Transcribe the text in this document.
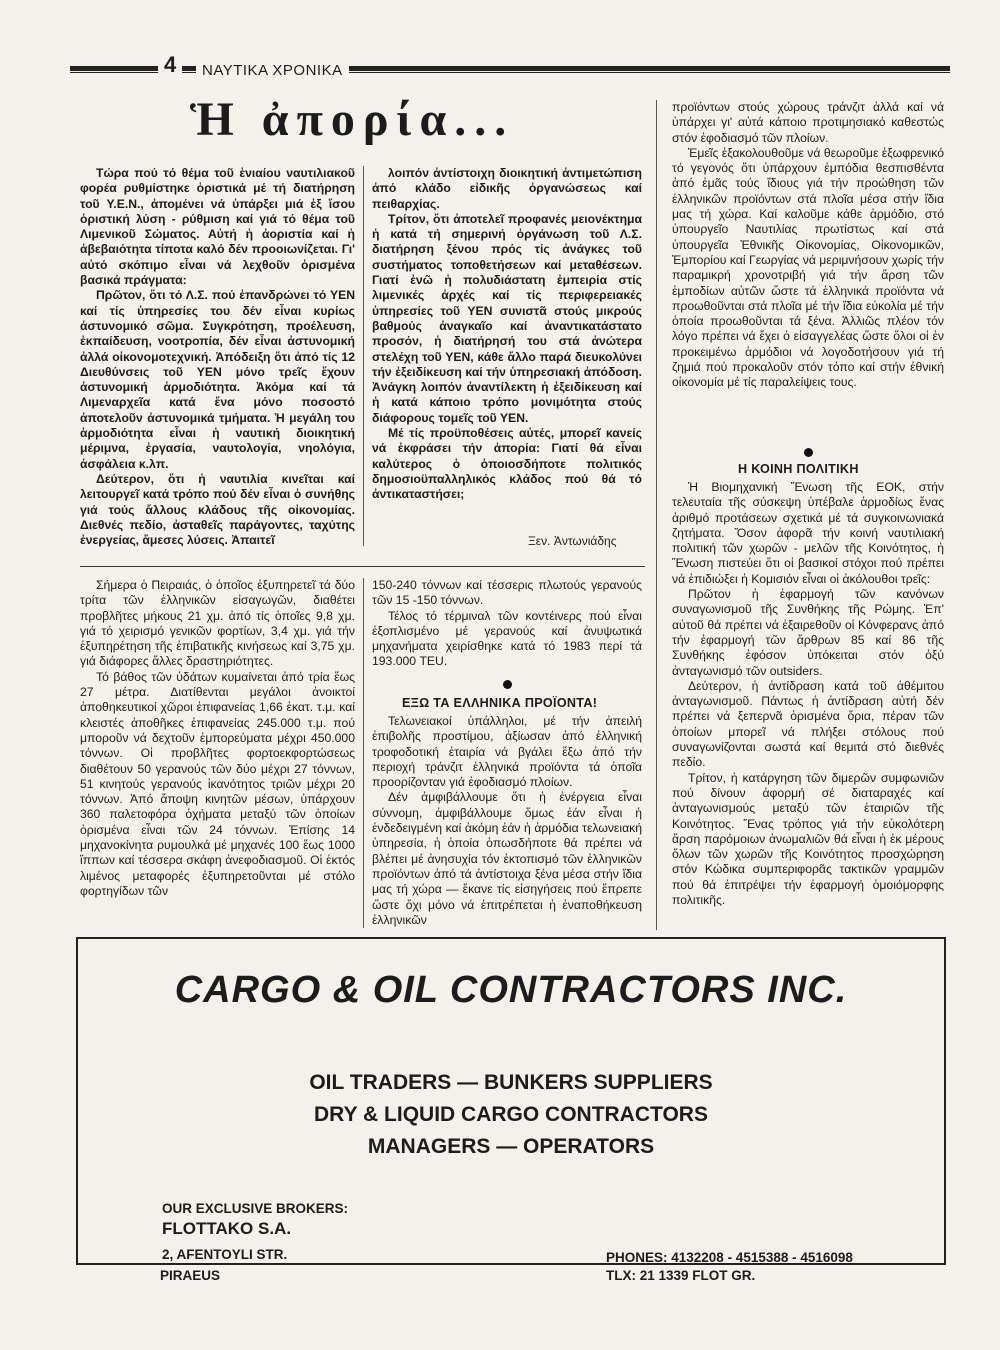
4	ΝΑΥΤΙΚΑ ΧΡΟΝΙΚΑ
Ἡ ἀπορία...

Τώρα πού τό θέμα τοῦ ἑνιαίου ναυτιλιακοῦ φορέα ρυθμίστηκε ὁριστικά μέ τή διατήρηση τοῦ Υ.Ε.Ν., ἀπομένει νά ὑπάρξει μιά ἐξ ἴσου ὁριστική λύση - ρύθμιση καί γιά τό θέμα τοῦ Λιμενικοῦ Σώματος. Αὐτή ἡ ἀοριστία καί ἡ ἀβεβαιότητα τίποτα καλό δέν προοιωνίζεται. Γι' αὐτό σκόπιμο εἶναι νά λεχθοῦν ὁρισμένα βασικά πράγματα:

Πρῶτον, ὅτι τό Λ.Σ. πού ἐπανδρώνει τό ΥΕΝ καί τίς ὑπηρεσίες του δέν εἶναι κυρίως ἀστυνομικό σῶμα. Συγκρότηση, προέλευση, ἐκπαίδευση, νοοτροπία, δέν εἶναι ἀστυνομική ἀλλά οἰκονομοτεχνική. Ἀπόδειξη ὅτι ἀπό τίς 12 Διευθύνσεις τοῦ ΥΕΝ μόνο τρεῖς ἔχουν ἀστυνομική ἁρμοδιότητα. Ἀκόμα καί τά Λιμεναρχεῖα κατά ἕνα μόνο ποσοστό ἀποτελοῦν ἀστυνομικά τμήματα. Ἡ μεγάλη του ἁρμοδιότητα εἶναι ἡ ναυτική διοικητική μέριμνα, ἐργασία, ναυτολογία, νηολόγια, ἀσφάλεια κ.λπ.

Δεύτερον, ὅτι ἡ ναυτιλία κινεῖται καί λειτουργεῖ κατά τρόπο πού δέν εἶναι ὁ συνήθης γιά τούς ἄλλους κλάδους τῆς οἰκονομίας. Διεθνές πεδίο, ἀσταθεῖς παράγοντες, ταχύτης ἐνεργείας, ἄμεσες λύσεις. Ἀπαιτεῖ

λοιπόν ἀντίστοιχη διοικητική ἀντιμετώπιση ἀπό κλάδο εἰδικῆς ὀργανώσεως καί πειθαρχίας.

Τρίτον, ὅτι ἀποτελεῖ προφανές μειονέκτημα ἡ κατά τή σημερινή ὀργάνωση τοῦ Λ.Σ. διατήρηση ξένου πρός τίς ἀνάγκες τοῦ συστήματος τοποθετήσεων καί μεταθέσεων. Γιατί ἐνῶ ἡ πολυδιάστατη ἐμπειρία στίς λιμενικές ἀρχές καί τίς περιφερειακές ὑπηρεσίες τοῦ ΥΕΝ συνιστᾶ στούς μικρούς βαθμούς ἀναγκαῖο καί ἀναντικατάστατο προσόν, ἡ διατήρησή του στά ἀνώτερα στελέχη τοῦ ΥΕΝ, κάθε ἄλλο παρά διευκολύνει τήν ἐξειδίκευση καί τήν ὑπηρεσιακή ἀπόδοση. Ἀνάγκη λοιπόν ἀναντίλεκτη ἡ ἐξειδίκευση καί ἡ κατά κάποιο τρόπο μονιμότητα στούς διάφορους τομεῖς τοῦ ΥΕΝ.

Μέ τίς προϋποθέσεις αὐτές, μπορεῖ κανείς νά ἐκφράσει τήν ἀπορία: Γιατί θά εἶναι καλύτερος ὁ ὁποιοσδήποτε πολιτικός δημοσιοϋπαλληλικός κλάδος πού θά τό ἀντικαταστήσει;

Ξεν. Ἀντωνιάδης

προϊόντων στούς χώρους τράνζιτ ἀλλά καί νά ὑπάρχει γι' αὐτά κάποιο προτιμησιακό καθεστώς στόν ἐφοδιασμό τῶν πλοίων.

Ἐμεῖς ἐξακολουθοῦμε νά θεωροῦμε ἐξωφρενικό τό γεγονός ὅτι ὑπάρχουν ἐμπόδια θεσπισθέντα ἀπό ἐμᾶς τούς ἴδιους γιά τήν προώθηση τῶν ἑλληνικῶν προϊόντων στά πλοῖα μέσα στήν ἴδια μας τή χώρα. Καί καλοῦμε κάθε ἁρμόδιο, στό ὑπουργεῖο Ναυτιλίας πρωτίστως καί στά ὑπουργεῖα Ἐθνικῆς Οἰκονομίας, Οἰκονομικῶν, Ἐμπορίου καί Γεωργίας νά μεριμνήσουν χωρίς τήν παραμικρή χρονοτριβή γιά τήν ἄρση τῶν ἐμποδίων αὐτῶν ὥστε τά ἑλληνικά προϊόντα νά προωθοῦνται στά πλοῖα μέ τήν ἴδια εὐκολία μέ τήν ὁποία προωθοῦνται τά ξένα. Ἀλλιῶς πλέον τόν λόγο πρέπει νά ἔχει ὁ εἰσαγγελέας ὥστε ὅλοι οἱ ἐν προκειμένω ἁρμόδιοι νά λογοδοτήσουν γιά τή ζημιά πού προκαλοῦν στόν τόπο καί στήν ἐθνική οἰκονομία μέ τίς παραλείψεις τους.

Η ΚΟΙΝΗ ΠΟΛΙΤΙΚΗ

Ἡ Βιομηχανική Ἕνωση τῆς ΕΟΚ, στήν τελευταία τῆς σύσκεψη ὑπέβαλε ἁρμοδίως ἕνας ἀριθμό προτάσεων σχετικά μέ τά συγκοινωνιακά ζητήματα. Ὅσον ἀφορᾶ τήν κοινή ναυτιλιακή πολιτική τῶν χωρῶν - μελῶν τῆς Κοινότητος, ἡ Ἕνωση πιστεύει ὅτι οἱ βασικοί στόχοι πού πρέπει νά ἐπιδιώξει ἡ Κομισιόν εἶναι οἱ ἀκόλουθοι τρεῖς:

Πρῶτον ἡ ἐφαρμογή τῶν κανόνων συναγωνισμοῦ τῆς Συνθήκης τῆς Ρώμης. Ἐπ' αὐτοῦ θά πρέπει νά ἐξαιρεθοῦν οἱ Κόνφερανς ἀπό τήν ἐφαρμογή τῶν ἄρθρων 85 καί 86 τῆς Συνθήκης ἐφόσον ὑπόκειται στόν ὀξύ ἀνταγωνισμό τῶν outsiders.

Δεύτερον, ἡ ἀντίδραση κατά τοῦ ἀθέμιτου ἀνταγωνισμοῦ. Πάντως ἡ ἀντίδραση αὐτή δέν πρέπει νά ξεπερνᾶ ὁρισμένα ὅρια, πέραν τῶν ὁποίων μπορεῖ νά πλήξει στόλους πού συναγωνίζονται σωστά καί θεμιτά στό διεθνές πεδίο.

Τρίτον, ἡ κατάργηση τῶν διμερῶν συμφωνιῶν πού δίνουν ἀφορμή σέ διαταραχές καί ἀνταγωνισμούς μεταξύ τῶν ἑταιριῶν τῆς Κοινότητος. Ἕνας τρόπος γιά τήν εὐκολότερη ἄρση παρόμοιων ἀνωμαλιῶν θά εἶναι ἡ ἐκ μέρους ὅλων τῶν χωρῶν τῆς Κοινότητος προσχώρηση στόν Κώδικα συμπεριφορᾶς τακτικῶν γραμμῶν πού θά ἐπιτρέψει τήν ἐφαρμογή ὁμοιόμορφης πολιτικῆς.

Σήμερα ὁ Πειραιάς, ὁ ὁποῖος ἐξυπηρετεῖ τά δύο τρίτα τῶν ἑλληνικῶν εἰσαγωγῶν, διαθέτει προβλῆτες μήκους 21 χμ. ἀπό τίς ὁποῖες 9,8 χμ. γιά τό χειρισμό γενικῶν φορτίων, 3,4 χμ. γιά τήν ἐξυπηρέτηση τῆς ἐπιβατικῆς κινήσεως καί 3,75 χμ. γιά διάφορες ἄλλες δραστηριότητες.

Τό βάθος τῶν ὑδάτων κυμαίνεται ἀπό τρία ἕως 27 μέτρα. Διατίθενται μεγάλοι ἀνοικτοί ἀποθηκευτικοί χῶροι ἐπιφανείας 1,66 ἑκατ. τ.μ. καί κλειστές ἀποθῆκες ἐπιφανείας 245.000 τ.μ. πού μποροῦν νά δεχτοῦν ἐμπορεύματα μέχρι 450.000 τόννων. Οἱ προβλῆτες φορτοεκφορτώσεως διαθέτουν 50 γερανούς τῶν δύο μέχρι 27 τόννων, 51 κινητούς γερανούς ἱκανότητος τριῶν μέχρι 20 τόννων. Ἀπό ἄποψη κινητῶν μέσων, ὑπάρχουν 360 παλετοφόρα ὀχήματα μεταξύ τῶν ὁποίων ὁρισμένα εἶναι τῶν 24 τόννων. Ἐπίσης 14 μηχανοκίνητα ρυμουλκά μέ μηχανές 100 ἕως 1000 ἵππων καί τέσσερα σκάφη ἀνεφοδιασμοῦ. Οἱ ἐκτός λιμένος μεταφορές ἐξυπηρετοῦνται μέ στόλο φορτηγίδων τῶν

150-240 τόννων καί τέσσερις πλωτούς γερανούς τῶν 15 -150 τόννων.

Τέλος τό τέρμιναλ τῶν κοντέινερς πού εἶναι ἐξοπλισμένο μέ γερανούς καί ἀνυψωτικά μηχανήματα χειρίσθηκε κατά τό 1983 περί τά 193.000 TEU.

ΕΞΩ ΤΑ ΕΛΛΗΝΙΚΑ ΠΡΟΪΟΝΤΑ!

Τελωνειακοί ὑπάλληλοι, μέ τήν ἀπειλή ἐπιβολῆς προστίμου, ἀξίωσαν ἀπό ἑλληνική τροφοδοτική ἑταιρία νά βγάλει ἔξω ἀπό τήν περιοχή τράνζιτ ἑλληνικά προϊόντα τά ὁποῖα προορίζονταν γιά ἐφοδιασμό πλοίων.

Δέν ἀμφιβάλλουμε ὅτι ἡ ἐνέργεια εἶναι σύννομη, ἀμφιβάλλουμε ὅμως ἐάν εἶναι ἡ ἐνδεδειγμένη καί ἀκόμη ἐάν ἡ ἁρμόδια τελωνειακή ὑπηρεσία, ἡ ὁποία ὁπωσδήποτε θά πρέπει νά βλέπει μέ ἀνησυχία τόν ἐκτοπισμό τῶν ἑλληνικῶν προϊόντων ἀπό τά ἀντίστοιχα ξένα μέσα στήν ἴδια μας τή χώρα — ἔκανε τίς εἰσηγήσεις πού ἔπρεπε ὥστε ὄχι μόνο νά ἐπιτρέπεται ἡ ἐναποθήκευση ἑλληνικῶν

CARGO & OIL CONTRACTORS INC.
OIL TRADERS — BUNKERS SUPPLIERS
DRY & LIQUID CARGO CONTRACTORS
MANAGERS — OPERATORS
OUR EXCLUSIVE BROKERS:
FLOTTAKO S.A.
2, AFENTOYLI STR.
PIRAEUS
PHONES: 4132208 - 4515388 - 4516098
TLX: 21 1339 FLOT GR.
